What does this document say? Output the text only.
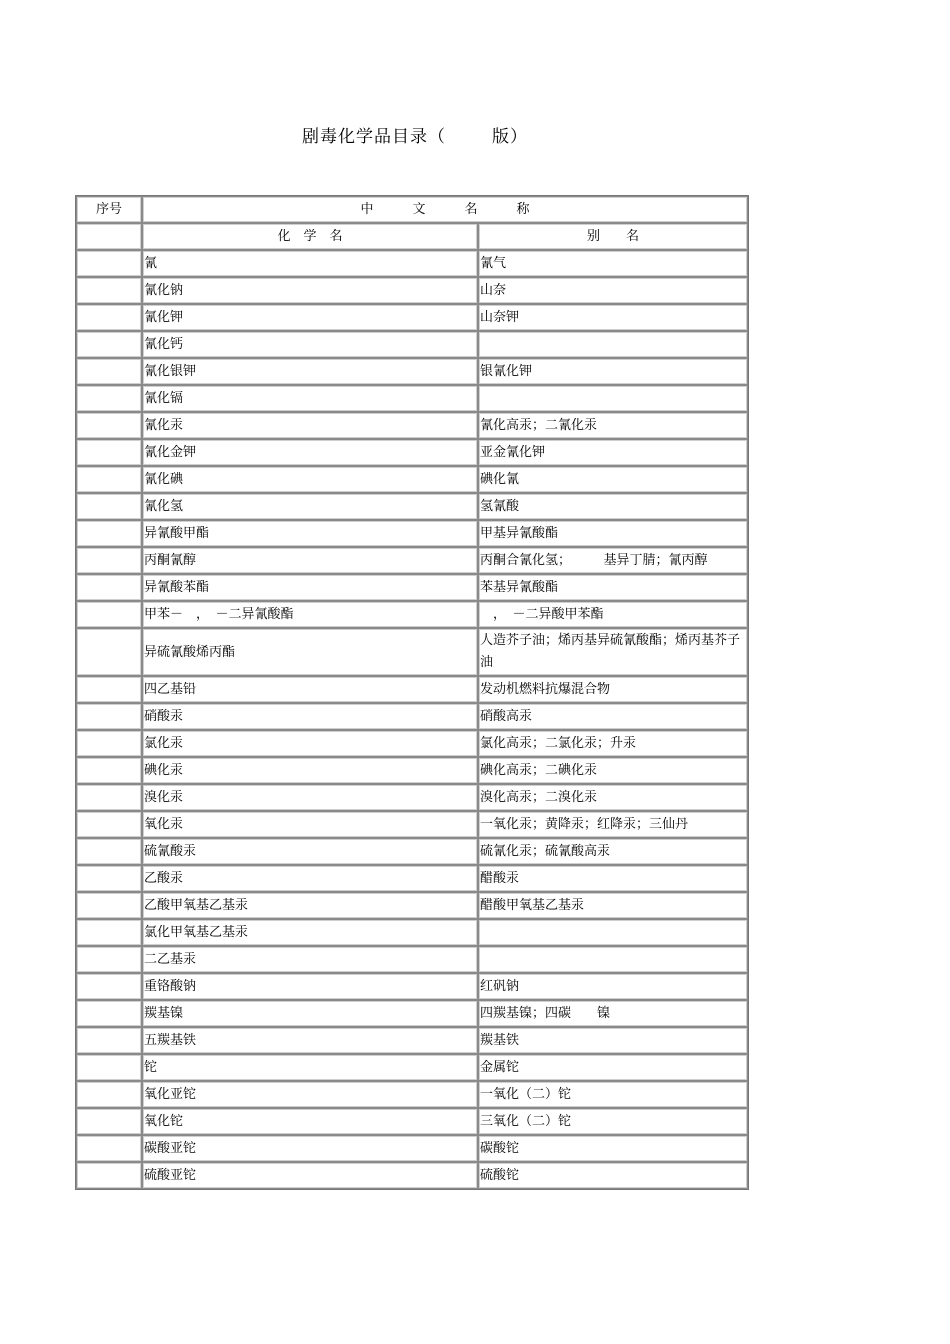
剧毒化学品目录（	版）
序号	中　　　文　　　名　　　称	
	化　学　名	别　　名
	氰	氰气
	氰化钠	山奈
	氰化钾	山奈钾
	氰化钙	
	氰化银钾	银氰化钾
	氰化镉	
	氰化汞	氰化高汞；二氰化汞
	氰化金钾	亚金氰化钾
	氰化碘	碘化氰
	氰化氢	氢氰酸
	异氰酸甲酯	甲基异氰酸酯
	丙酮氰醇	丙酮合氰化氢；　　　基异丁腈；氰丙醇
	异氰酸苯酯	苯基异氰酸酯
	甲苯－　，　－二异氰酸酯	　，　－二异酸甲苯酯
	异硫氰酸烯丙酯	人造芥子油；烯丙基异硫氰酸酯；烯丙基芥子油
	四乙基铅	发动机燃料抗爆混合物
	硝酸汞	硝酸高汞
	氯化汞	氯化高汞；二氯化汞；升汞
	碘化汞	碘化高汞；二碘化汞
	溴化汞	溴化高汞；二溴化汞
	氧化汞	一氧化汞；黄降汞；红降汞；三仙丹
	硫氰酸汞	硫氰化汞；硫氰酸高汞
	乙酸汞	醋酸汞
	乙酸甲氧基乙基汞	醋酸甲氧基乙基汞
	氯化甲氧基乙基汞	
	二乙基汞	
	重铬酸钠	红矾钠
	羰基镍	四羰基镍；四碳　　镍
	五羰基铁	羰基铁
	铊	金属铊
	氧化亚铊	一氧化（二）铊
	氧化铊	三氧化（二）铊
	碳酸亚铊	碳酸铊
	硫酸亚铊	硫酸铊
